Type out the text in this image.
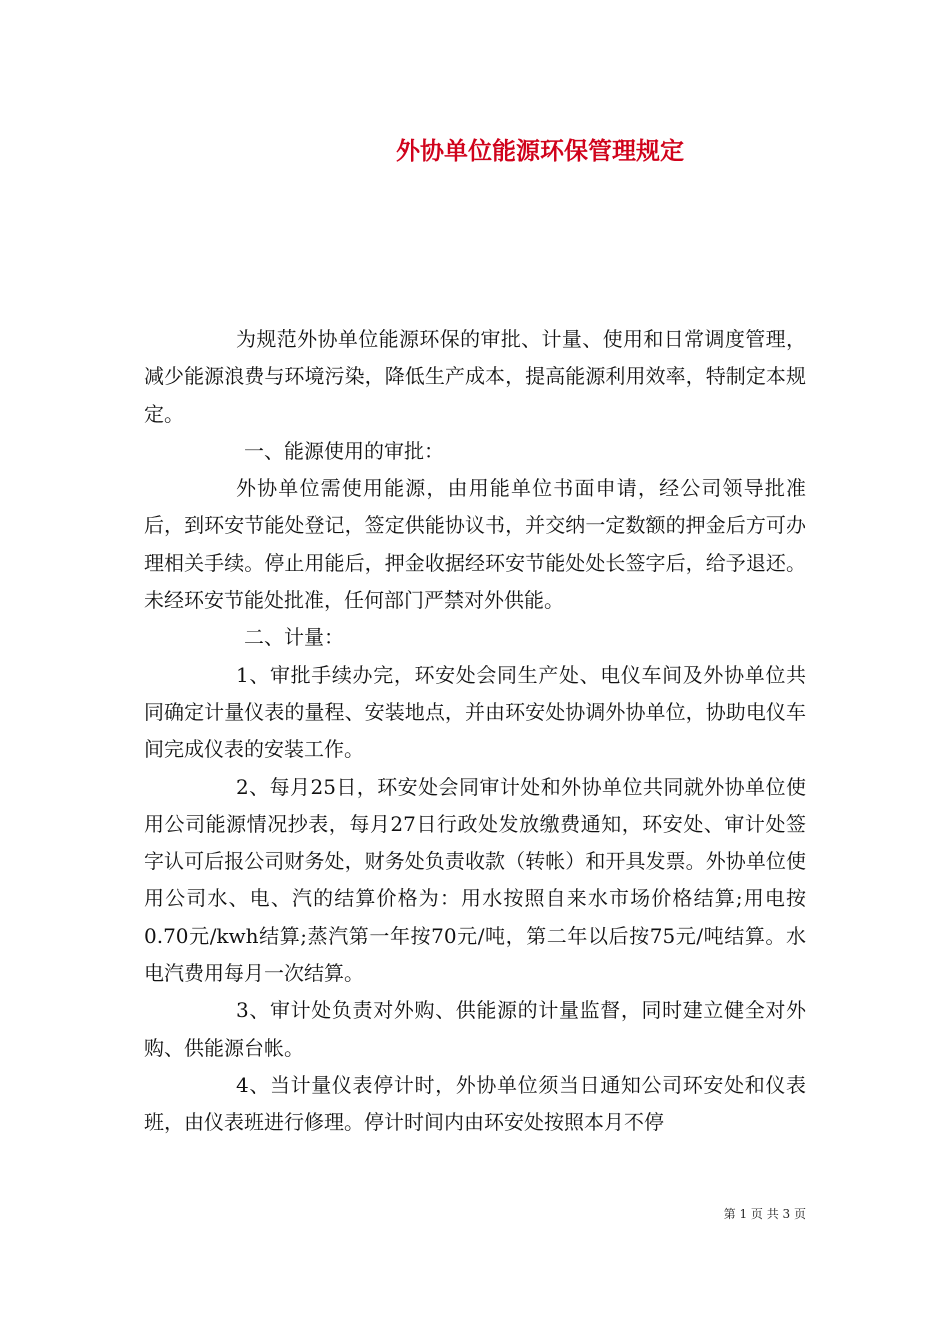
外协单位能源环保管理规定

为规范外协单位能源环保的审批、计量、使用和日常调度管理，减少能源浪费与环境污染，降低生产成本，提高能源利用效率，特制定本规定。

一、能源使用的审批：

外协单位需使用能源，由用能单位书面申请，经公司领导批准后，到环安节能处登记，签定供能协议书，并交纳一定数额的押金后方可办理相关手续。停止用能后，押金收据经环安节能处处长签字后，给予退还。未经环安节能处批准，任何部门严禁对外供能。

二、计量：

1、审批手续办完，环安处会同生产处、电仪车间及外协单位共同确定计量仪表的量程、安装地点，并由环安处协调外协单位，协助电仪车间完成仪表的安装工作。

2、每月25日，环安处会同审计处和外协单位共同就外协单位使用公司能源情况抄表，每月27日行政处发放缴费通知，环安处、审计处签字认可后报公司财务处，财务处负责收款（转帐）和开具发票。外协单位使用公司水、电、汽的结算价格为：用水按照自来水市场价格结算;用电按0.70元/kwh结算;蒸汽第一年按70元/吨，第二年以后按75元/吨结算。水电汽费用每月一次结算。

3、审计处负责对外购、供能源的计量监督，同时建立健全对外购、供能源台帐。

4、当计量仪表停计时，外协单位须当日通知公司环安处和仪表班，由仪表班进行修理。停计时间内由环安处按照本月不停

第 1 页 共 3 页
